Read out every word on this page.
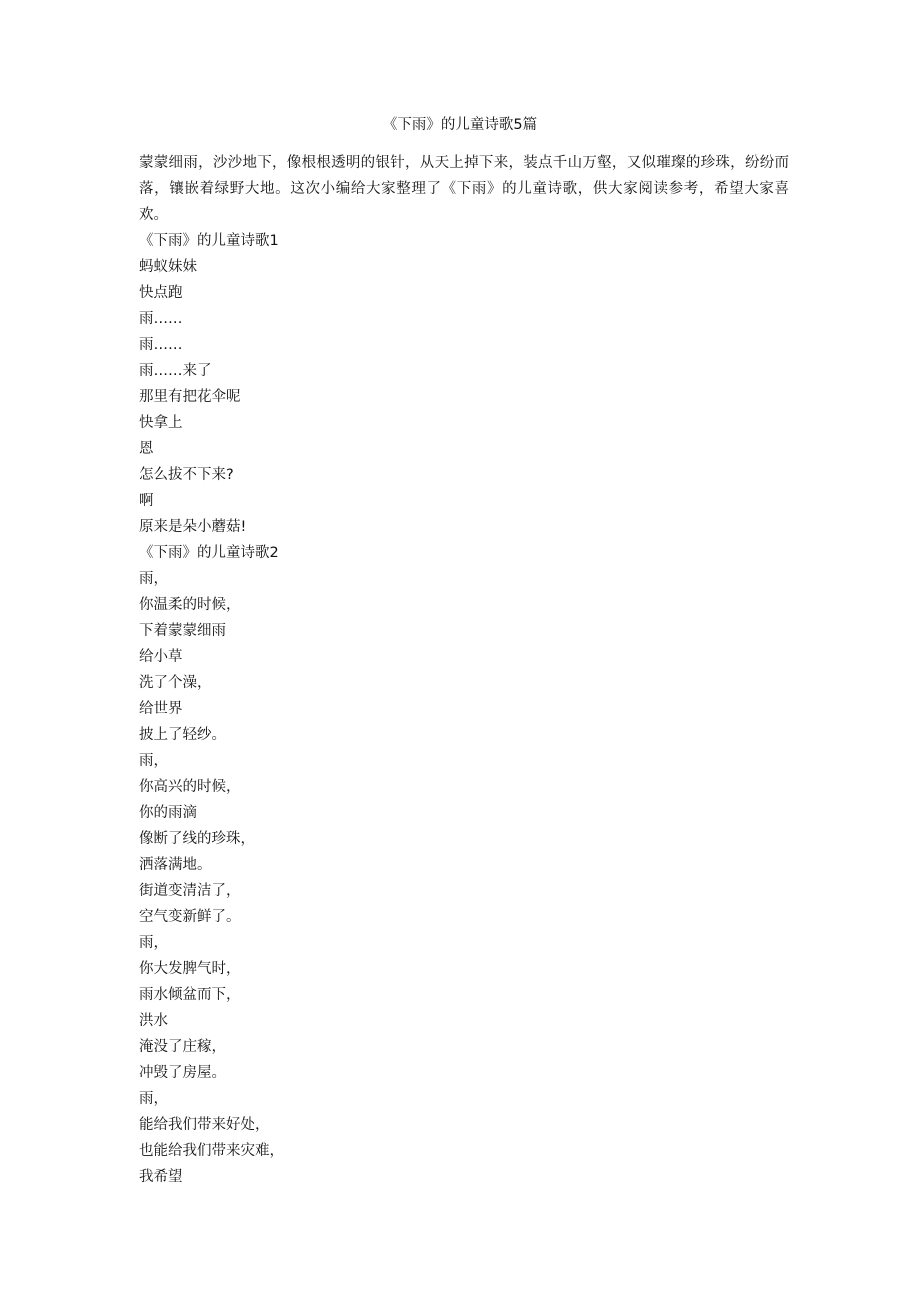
《下雨》的儿童诗歌5篇

蒙蒙细雨，沙沙地下，像根根透明的银针，从天上掉下来，装点千山万壑，又似璀璨的珍珠，纷纷而落，镶嵌着绿野大地。这次小编给大家整理了《下雨》的儿童诗歌，供大家阅读参考，希望大家喜欢。

《下雨》的儿童诗歌1
蚂蚁妹妹
快点跑
雨……
雨……
雨……来了
那里有把花伞呢
快拿上
恩
怎么拔不下来?
啊
原来是朵小蘑菇!
《下雨》的儿童诗歌2
雨，
你温柔的时候，
下着蒙蒙细雨
给小草
洗了个澡，
给世界
披上了轻纱。
雨，
你高兴的时候，
你的雨滴
像断了线的珍珠，
洒落满地。
街道变清洁了，
空气变新鲜了。
雨，
你大发脾气时，
雨水倾盆而下，
洪水
淹没了庄稼，
冲毁了房屋。
雨，
能给我们带来好处，
也能给我们带来灾难，
我希望
